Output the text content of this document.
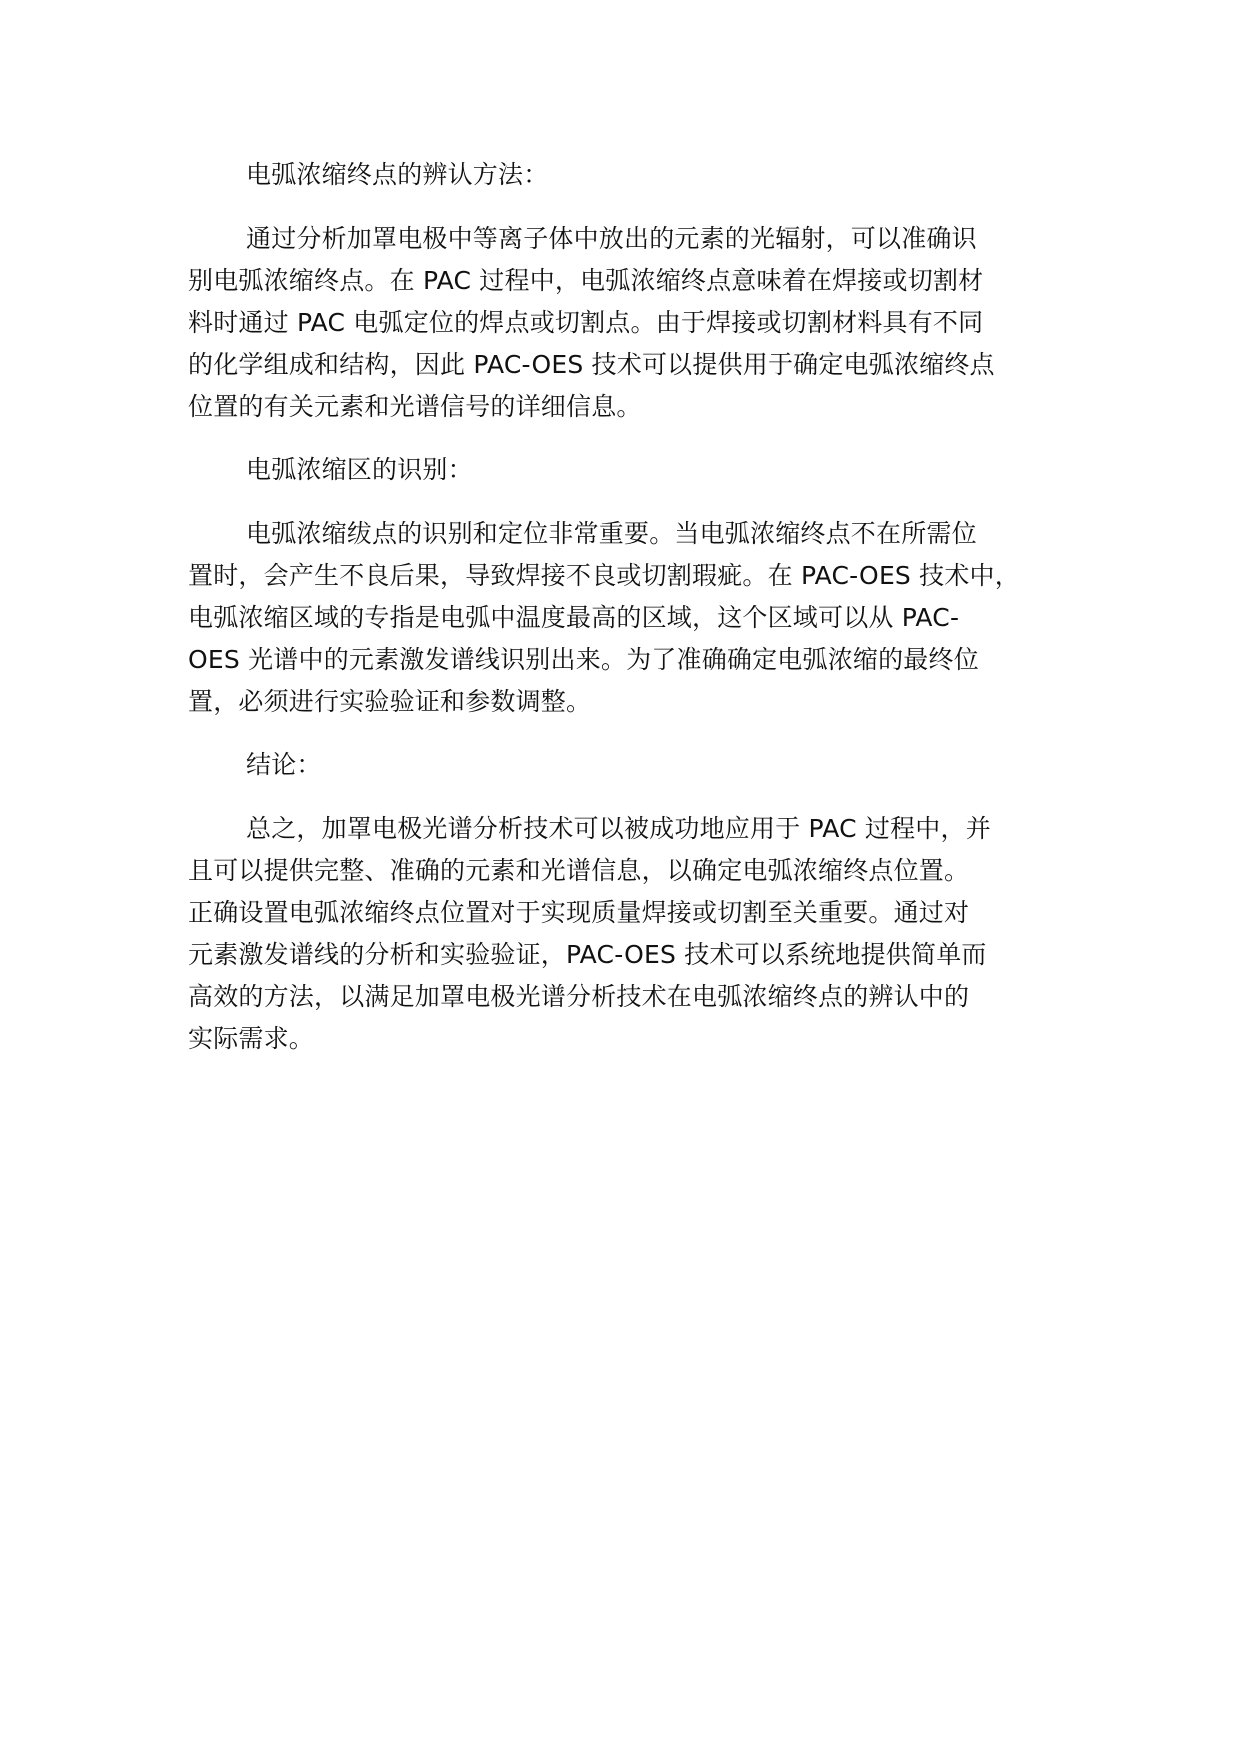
电弧浓缩终点的辨认方法：

通过分析加罩电极中等离子体中放出的元素的光辐射，可以准确识
别电弧浓缩终点。在 PAC 过程中，电弧浓缩终点意味着在焊接或切割材
料时通过 PAC 电弧定位的焊点或切割点。由于焊接或切割材料具有不同
的化学组成和结构，因此 PAC-OES 技术可以提供用于确定电弧浓缩终点
位置的有关元素和光谱信号的详细信息。

电弧浓缩区的识别：

电弧浓缩绂点的识别和定位非常重要。当电弧浓缩终点不在所需位
置时，会产生不良后果，导致焊接不良或切割瑕疵。在 PAC-OES 技术中，
电弧浓缩区域的专指是电弧中温度最高的区域，这个区域可以从 PAC-
OES 光谱中的元素激发谱线识别出来。为了准确确定电弧浓缩的最终位
置，必须进行实验验证和参数调整。

结论：

总之，加罩电极光谱分析技术可以被成功地应用于 PAC 过程中，并
且可以提供完整、准确的元素和光谱信息，以确定电弧浓缩终点位置。
正确设置电弧浓缩终点位置对于实现质量焊接或切割至关重要。通过对
元素激发谱线的分析和实验验证，PAC-OES 技术可以系统地提供简单而
高效的方法，以满足加罩电极光谱分析技术在电弧浓缩终点的辨认中的
实际需求。
